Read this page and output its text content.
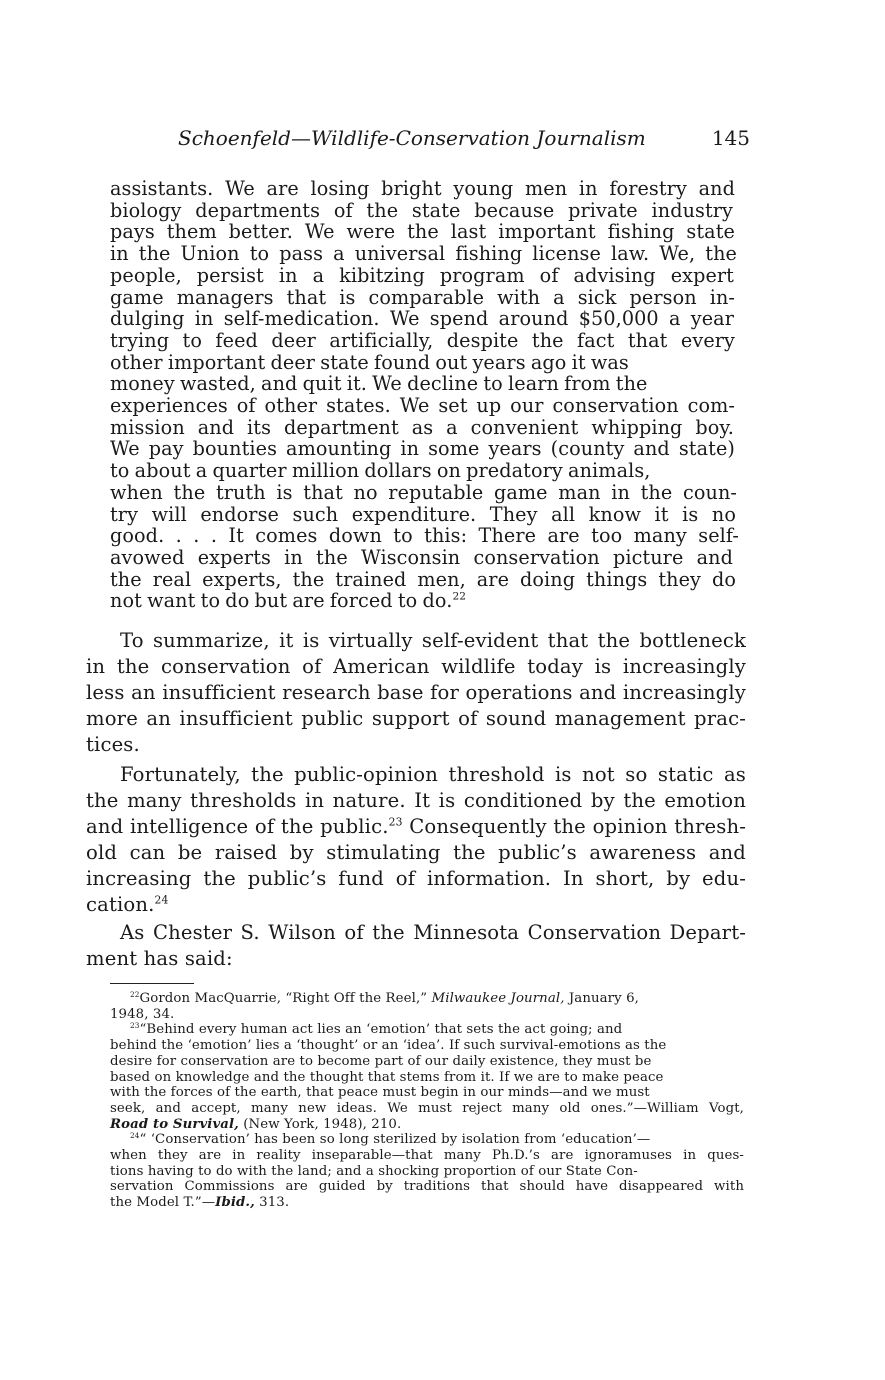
Schoenfeld—Wildlife-Conservation Journalism	145
assistants. We are losing bright young men in forestry and
biology departments of the state because private industry
pays them better. We were the last important fishing state
in the Union to pass a universal fishing license law. We, the
people, persist in a kibitzing program of advising expert
game managers that is comparable with a sick person in-
dulging in self-medication. We spend around $50,000 a year
trying to feed deer artificially, despite the fact that every
other important deer state found out years ago it was
money wasted, and quit it. We decline to learn from the
experiences of other states. We set up our conservation com-
mission and its department as a convenient whipping boy.
We pay bounties amounting in some years (county and state)
to about a quarter million dollars on predatory animals,
when the truth is that no reputable game man in the coun-
try will endorse such expenditure. They all know it is no
good. . . . It comes down to this: There are too many self-
avowed experts in the Wisconsin conservation picture and
the real experts, the trained men, are doing things they do
not want to do but are forced to do.$^{22}$
To summarize, it is virtually self-evident that the bottleneck
in the conservation of American wildlife today is increasingly
less an insufficient research base for operations and increasingly
more an insufficient public support of sound management prac-
tices.
Fortunately, the public-opinion threshold is not so static as
the many thresholds in nature. It is conditioned by the emotion
and intelligence of the public.$^{23}$ Consequently the opinion thresh-
old can be raised by stimulating the public’s awareness and
increasing the public’s fund of information. In short, by edu-
cation.$^{24}$
As Chester S. Wilson of the Minnesota Conservation Depart-
ment has said:
$^{22}$Gordon MacQuarrie, “Right Off the Reel,” Milwaukee Journal, January 6,
1948, 34.
$^{23}$“Behind every human act lies an ‘emotion’ that sets the act going; and
behind the ‘emotion’ lies a ‘thought’ or an ‘idea’. If such survival-emotions as the
desire for conservation are to become part of our daily existence, they must be
based on knowledge and the thought that stems from it. If we are to make peace
with the forces of the earth, that peace must begin in our minds—and we must
seek, and accept, many new ideas. We must reject many old ones.”—William Vogt,
Road to Survival, (New York, 1948), 210.
$^{24}$“ ‘Conservation’ has been so long sterilized by isolation from ‘education’—
when they are in reality inseparable—that many Ph.D.’s are ignoramuses in ques-
tions having to do with the land; and a shocking proportion of our State Con-
servation Commissions are guided by traditions that should have disappeared with
the Model T.”—Ibid., 313.
